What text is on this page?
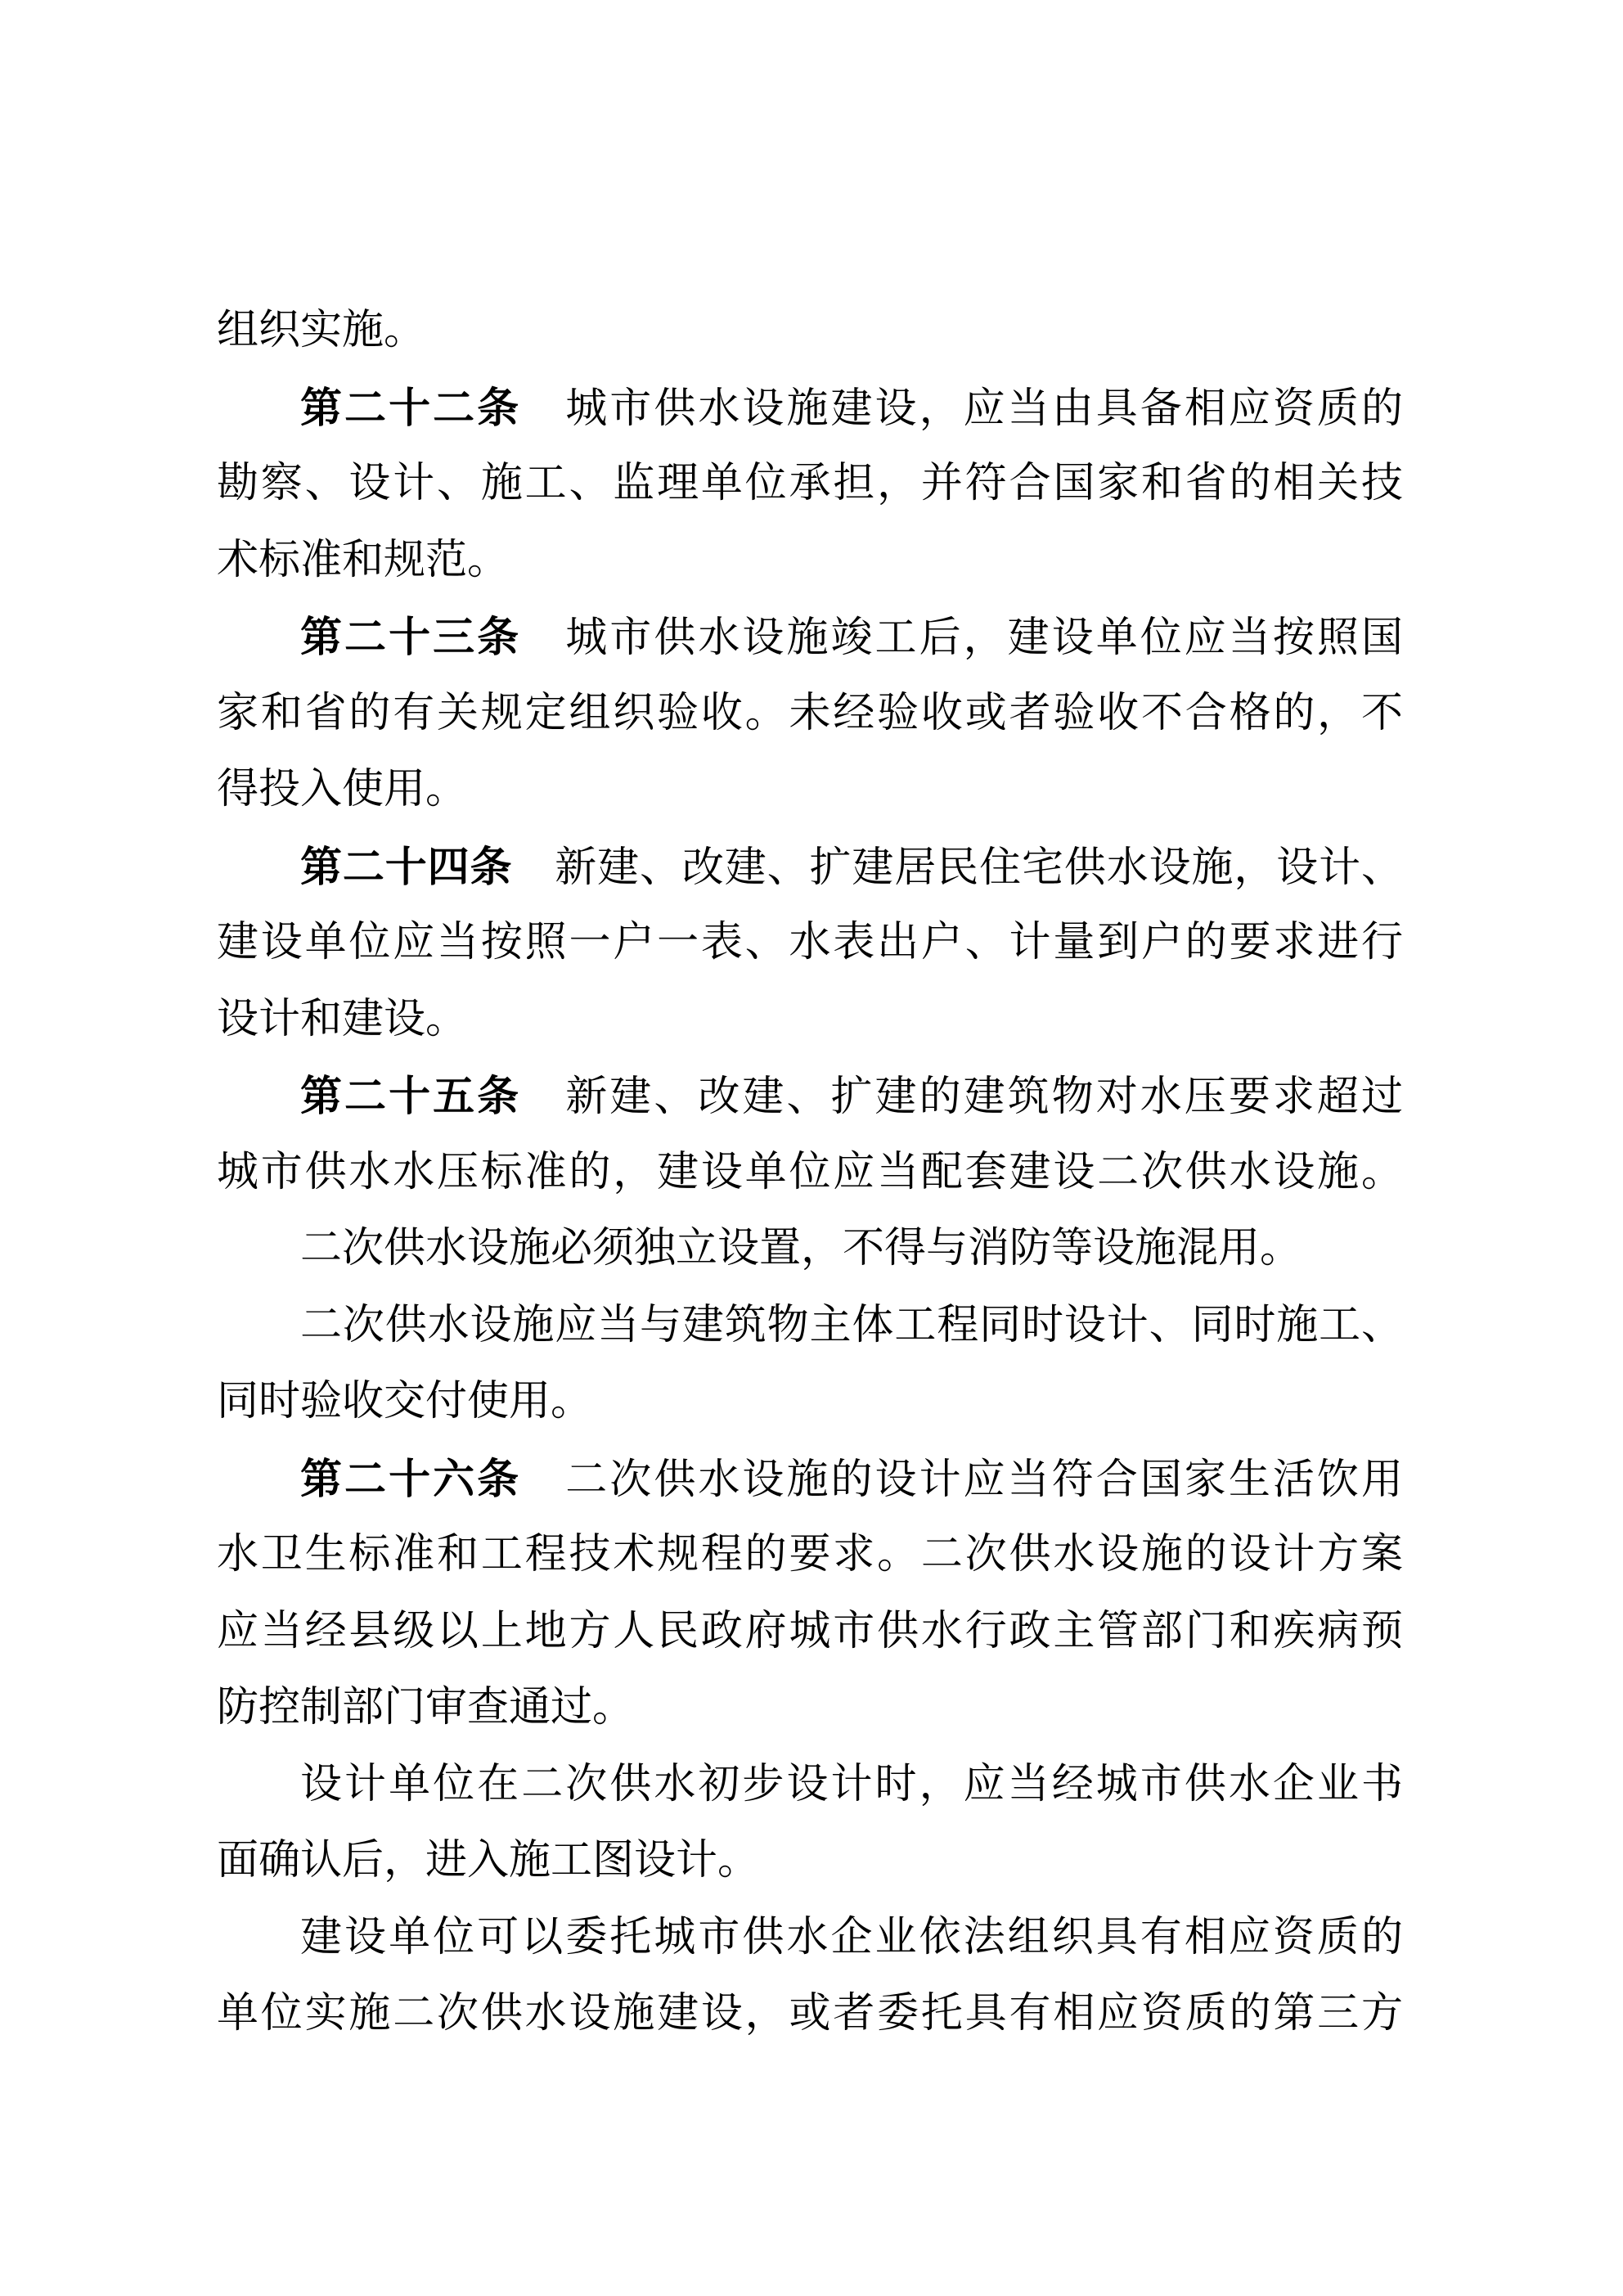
组织实施。
第二十二条　城市供水设施建设，应当由具备相应资质的
勘察、设计、施工、监理单位承担，并符合国家和省的相关技
术标准和规范。
第二十三条　城市供水设施竣工后，建设单位应当按照国
家和省的有关规定组织验收。未经验收或者验收不合格的，不
得投入使用。
第二十四条　新建、改建、扩建居民住宅供水设施，设计、
建设单位应当按照一户一表、水表出户、计量到户的要求进行
设计和建设。
第二十五条　新建、改建、扩建的建筑物对水压要求超过
城市供水水压标准的，建设单位应当配套建设二次供水设施。
二次供水设施必须独立设置，不得与消防等设施混用。
二次供水设施应当与建筑物主体工程同时设计、同时施工、
同时验收交付使用。
第二十六条　二次供水设施的设计应当符合国家生活饮用
水卫生标准和工程技术规程的要求。二次供水设施的设计方案
应当经县级以上地方人民政府城市供水行政主管部门和疾病预
防控制部门审查通过。
设计单位在二次供水初步设计时，应当经城市供水企业书
面确认后，进入施工图设计。
建设单位可以委托城市供水企业依法组织具有相应资质的
单位实施二次供水设施建设，或者委托具有相应资质的第三方
